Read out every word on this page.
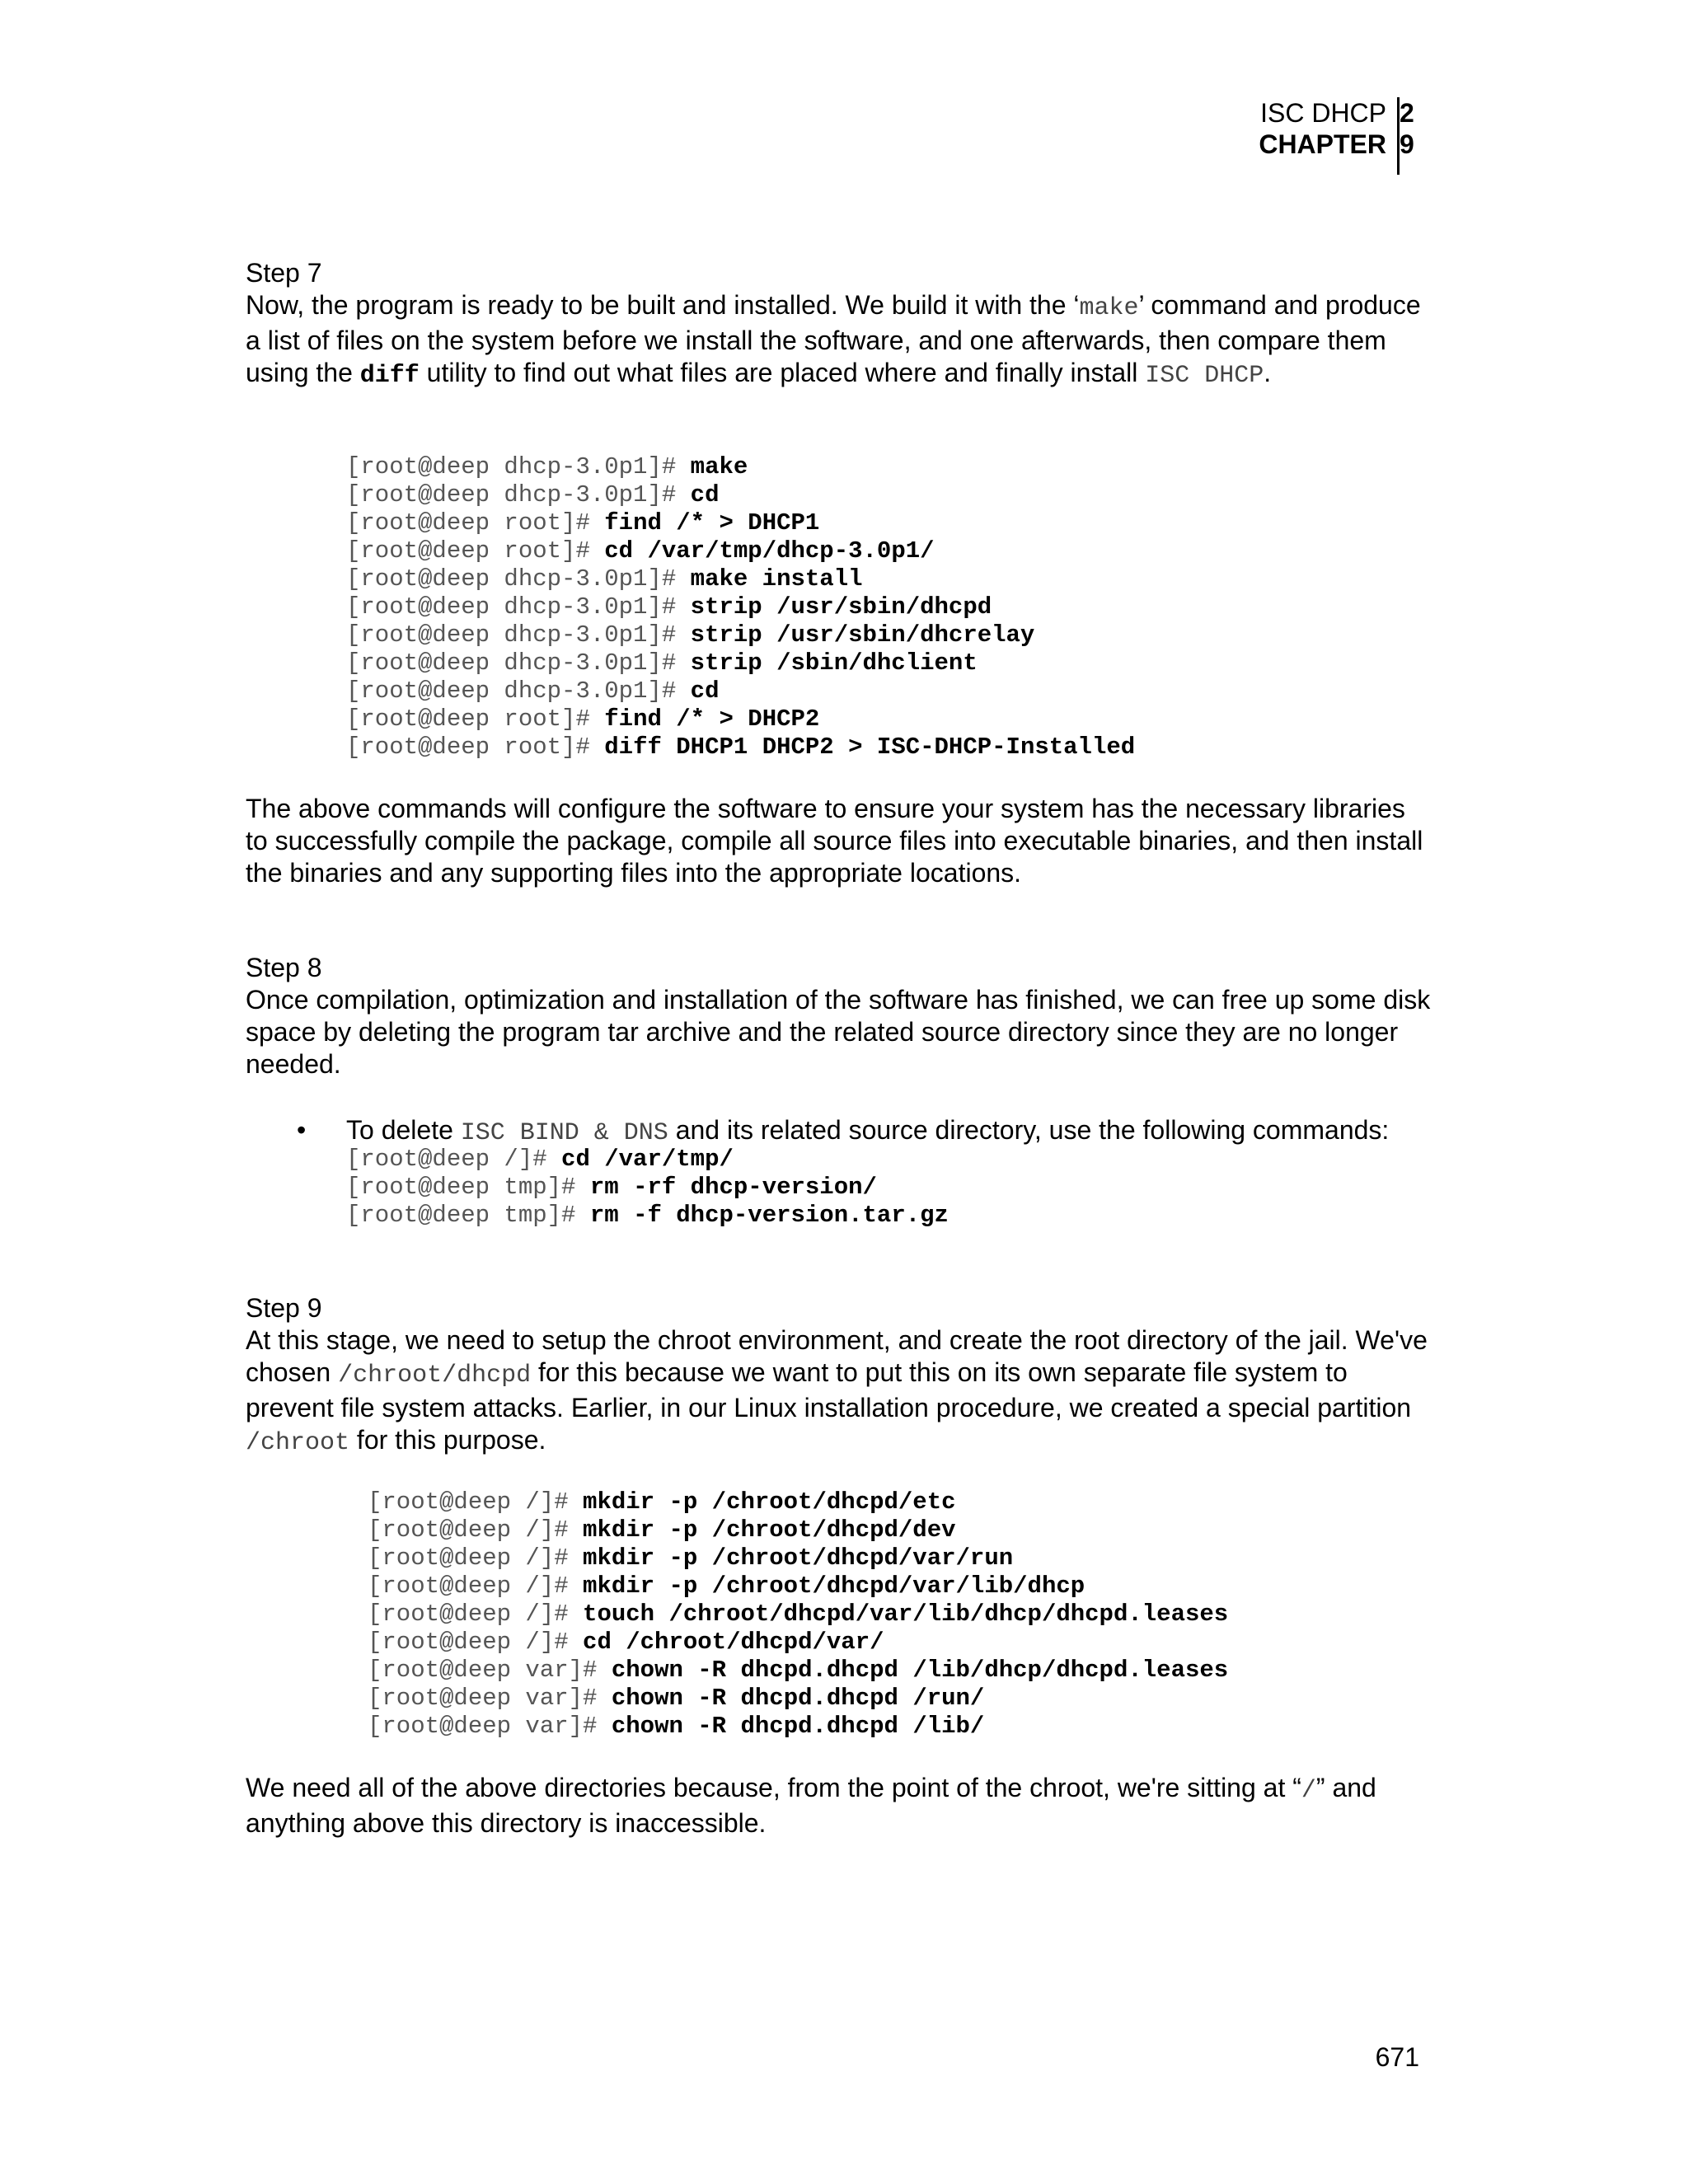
ISC DHCP 2
CHAPTER 9

Step 7

Now, the program is ready to be built and installed. We build it with the ‘make’ command and produce a list of files on the system before we install the software, and one afterwards, then compare them using the diff utility to find out what files are placed where and finally install ISC DHCP.

[root@deep dhcp-3.0p1]# make
[root@deep dhcp-3.0p1]# cd
[root@deep root]# find /* > DHCP1
[root@deep root]# cd /var/tmp/dhcp-3.0p1/
[root@deep dhcp-3.0p1]# make install
[root@deep dhcp-3.0p1]# strip /usr/sbin/dhcpd
[root@deep dhcp-3.0p1]# strip /usr/sbin/dhcrelay
[root@deep dhcp-3.0p1]# strip /sbin/dhclient
[root@deep dhcp-3.0p1]# cd
[root@deep root]# find /* > DHCP2
[root@deep root]# diff DHCP1 DHCP2 > ISC-DHCP-Installed

The above commands will configure the software to ensure your system has the necessary libraries to successfully compile the package, compile all source files into executable binaries, and then install the binaries and any supporting files into the appropriate locations.

Step 8

Once compilation, optimization and installation of the software has finished, we can free up some disk space by deleting the program tar archive and the related source directory since they are no longer needed.

•	To delete ISC BIND & DNS and its related source directory, use the following commands:
[root@deep /]# cd /var/tmp/
[root@deep tmp]# rm -rf dhcp-version/
[root@deep tmp]# rm -f dhcp-version.tar.gz

Step 9

At this stage, we need to setup the chroot environment, and create the root directory of the jail. We've chosen /chroot/dhcpd for this because we want to put this on its own separate file system to prevent file system attacks. Earlier, in our Linux installation procedure, we created a special partition /chroot for this purpose.

[root@deep /]# mkdir -p /chroot/dhcpd/etc
[root@deep /]# mkdir -p /chroot/dhcpd/dev
[root@deep /]# mkdir -p /chroot/dhcpd/var/run
[root@deep /]# mkdir -p /chroot/dhcpd/var/lib/dhcp
[root@deep /]# touch /chroot/dhcpd/var/lib/dhcp/dhcpd.leases
[root@deep /]# cd /chroot/dhcpd/var/
[root@deep var]# chown -R dhcpd.dhcpd /lib/dhcp/dhcpd.leases
[root@deep var]# chown -R dhcpd.dhcpd /run/
[root@deep var]# chown -R dhcpd.dhcpd /lib/

We need all of the above directories because, from the point of the chroot, we're sitting at “/” and anything above this directory is inaccessible.

671
